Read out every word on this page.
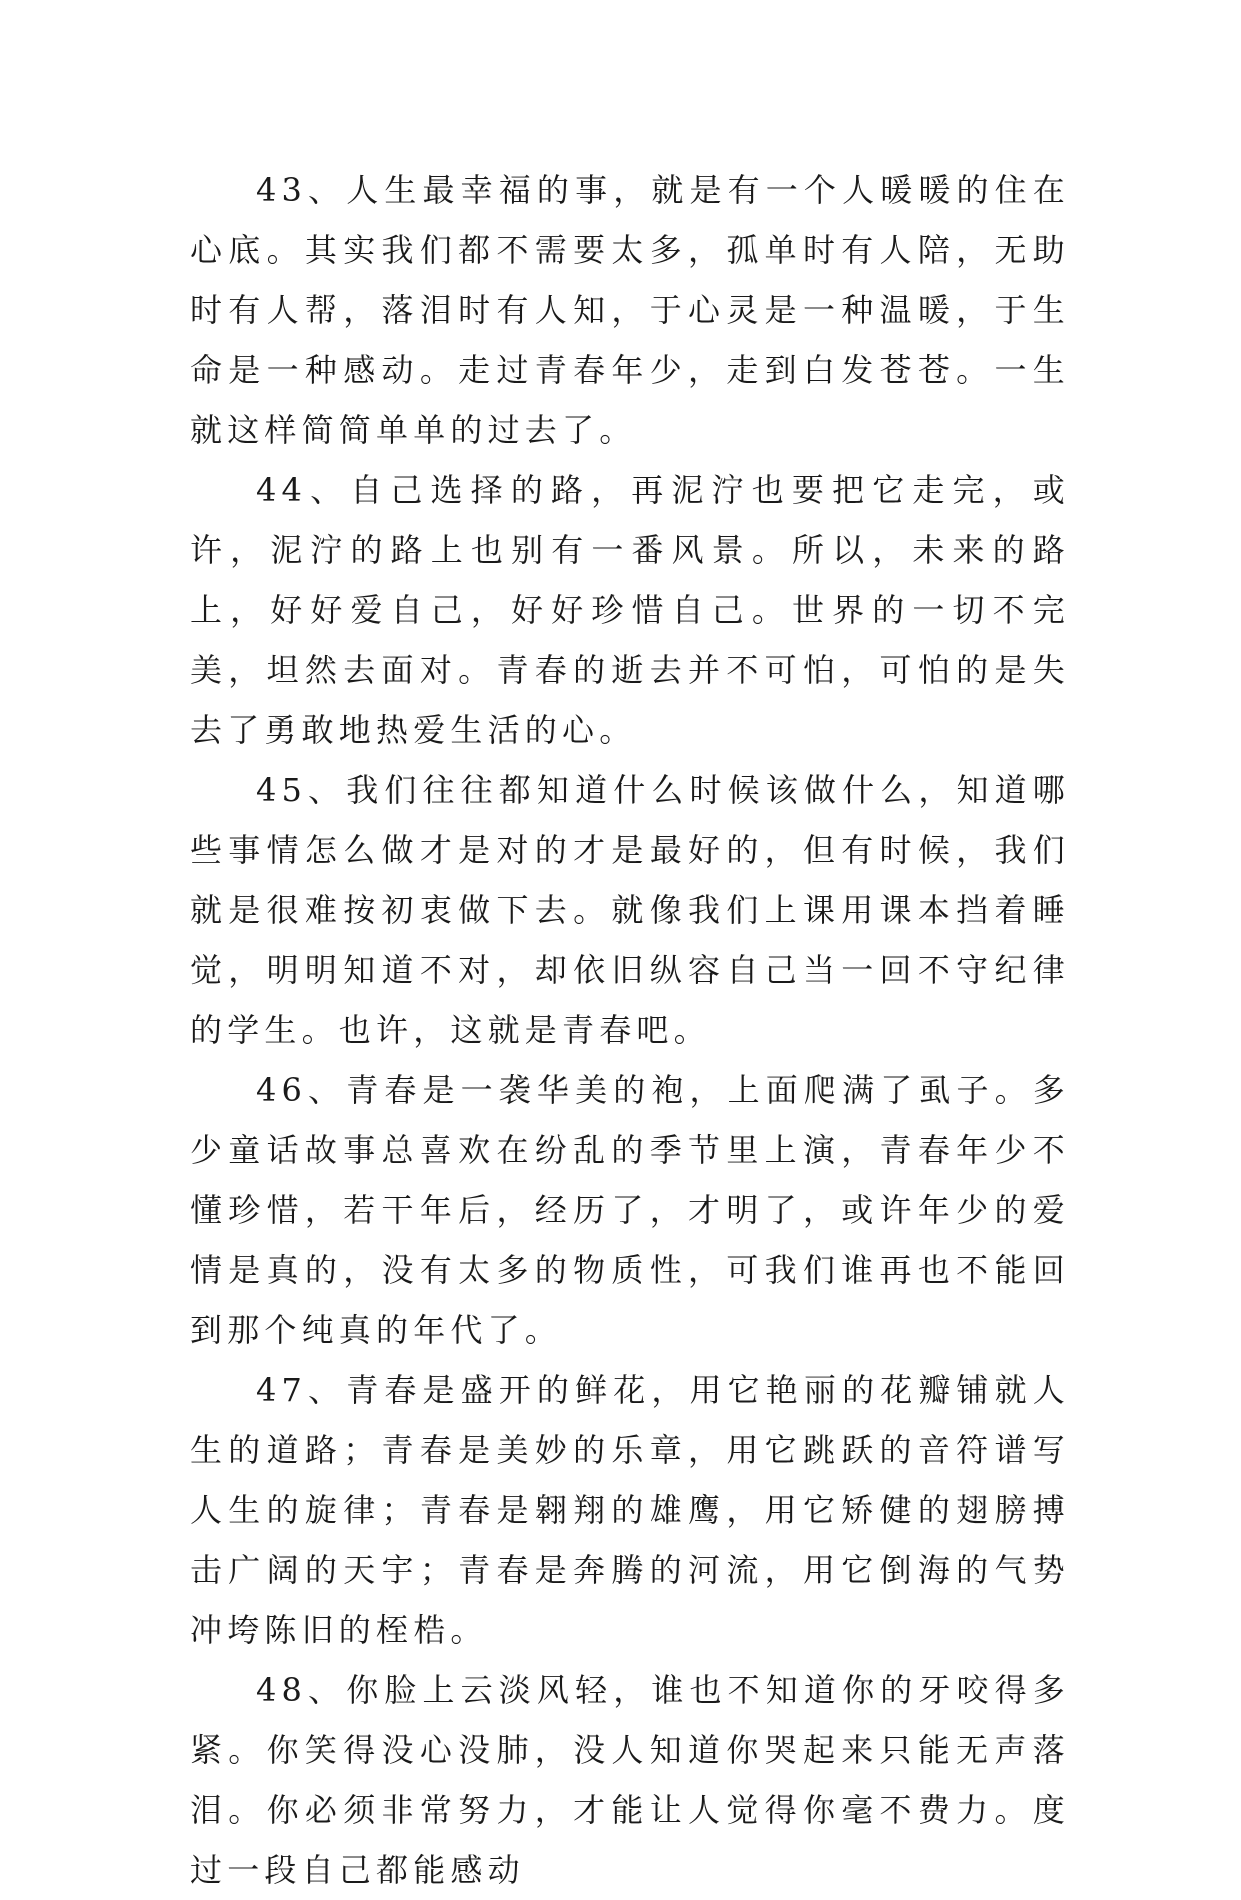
43、人生最幸福的事，就是有一个人暖暖的住在心底。其实我们都不需要太多，孤单时有人陪，无助时有人帮，落泪时有人知，于心灵是一种温暖，于生命是一种感动。走过青春年少，走到白发苍苍。一生就这样简简单单的过去了。

44、自己选择的路，再泥泞也要把它走完，或许，泥泞的路上也别有一番风景。所以，未来的路上，好好爱自己，好好珍惜自己。世界的一切不完美，坦然去面对。青春的逝去并不可怕，可怕的是失去了勇敢地热爱生活的心。

45、我们往往都知道什么时候该做什么，知道哪些事情怎么做才是对的才是最好的，但有时候，我们就是很难按初衷做下去。就像我们上课用课本挡着睡觉，明明知道不对，却依旧纵容自己当一回不守纪律的学生。也许，这就是青春吧。

46、青春是一袭华美的袍，上面爬满了虱子。多少童话故事总喜欢在纷乱的季节里上演，青春年少不懂珍惜，若干年后，经历了，才明了，或许年少的爱情是真的，没有太多的物质性，可我们谁再也不能回到那个纯真的年代了。

47、青春是盛开的鲜花，用它艳丽的花瓣铺就人生的道路；青春是美妙的乐章，用它跳跃的音符谱写人生的旋律；青春是翱翔的雄鹰，用它矫健的翅膀搏击广阔的天宇；青春是奔腾的河流，用它倒海的气势冲垮陈旧的桎梏。

48、你脸上云淡风轻，谁也不知道你的牙咬得多紧。你笑得没心没肺，没人知道你哭起来只能无声落泪。你必须非常努力，才能让人觉得你毫不费力。度过一段自己都能感动
